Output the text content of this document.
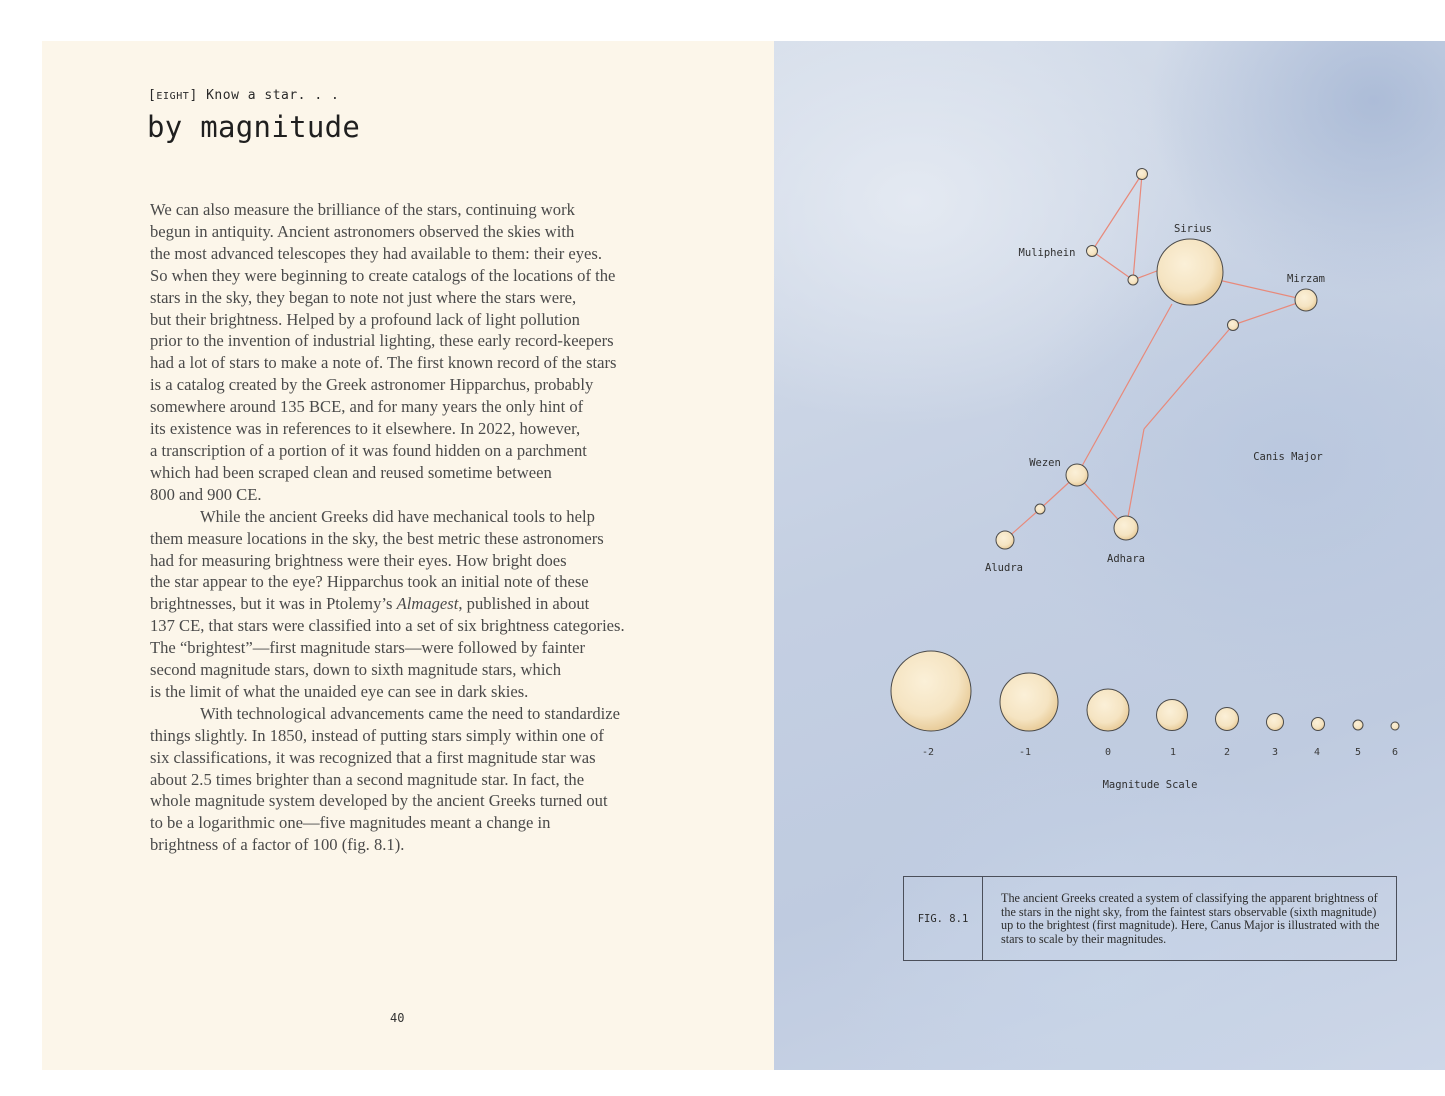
[EIGHT] Know a star. . .
by magnitude
We can also measure the brilliance of the stars, continuing work
begun in antiquity. Ancient astronomers observed the skies with
the most advanced telescopes they had available to them: their eyes.
So when they were beginning to create catalogs of the locations of the
stars in the sky, they began to note not just where the stars were,
but their brightness. Helped by a profound lack of light pollution
prior to the invention of industrial lighting, these early record-keepers
had a lot of stars to make a note of. The first known record of the stars
is a catalog created by the Greek astronomer Hipparchus, probably
somewhere around 135 BCE, and for many years the only hint of
its existence was in references to it elsewhere. In 2022, however,
a transcription of a portion of it was found hidden on a parchment
which had been scraped clean and reused sometime between
800 and 900 CE.
While the ancient Greeks did have mechanical tools to help
them measure locations in the sky, the best metric these astronomers
had for measuring brightness were their eyes. How bright does
the star appear to the eye? Hipparchus took an initial note of these
brightnesses, but it was in Ptolemy’s Almagest, published in about
137 CE, that stars were classified into a set of six brightness categories.
The “brightest”—first magnitude stars—were followed by fainter
second magnitude stars, down to sixth magnitude stars, which
is the limit of what the unaided eye can see in dark skies.
With technological advancements came the need to standardize
things slightly. In 1850, instead of putting stars simply within one of
six classifications, it was recognized that a first magnitude star was
about 2.5 times brighter than a second magnitude star. In fact, the
whole magnitude system developed by the ancient Greeks turned out
to be a logarithmic one—five magnitudes meant a change in
brightness of a factor of 100 (fig. 8.1).
40
Sirius
Mirzam
Muliphein
Wezen
Adhara
Aludra
Canis Major
-2	-1	0	1	2	3	4	5	6
Magnitude Scale
FIG. 8.1
The ancient Greeks created a system of classifying the apparent brightness of the stars in the night sky, from the faintest stars observable (sixth magnitude) up to the brightest (first magnitude). Here, Canus Major is illustrated with the stars to scale by their magnitudes.
